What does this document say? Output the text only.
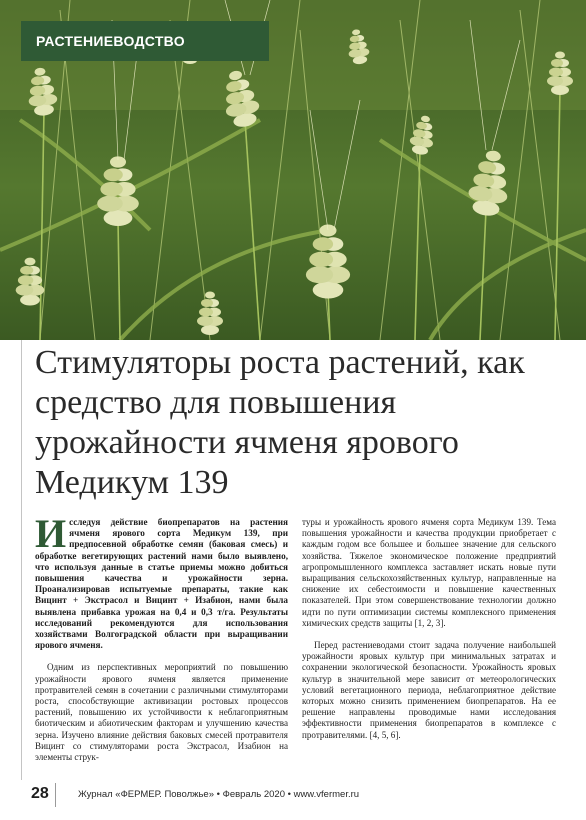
РАСТЕНИЕВОДСТВО
Стимуляторы роста растений, как средство для повышения урожайности ячменя ярового Медикум 139

Исследуя действие биопрепаратов на растения ячменя ярового сорта Медикум 139, при предпосевной обработке семян (баковая смесь) и обработке вегетирующих растений нами было выявлено, что используя данные в статье приемы можно добиться повышения качества и урожайности зерна. Проанализировав испытуемые препараты, такие как Вицинт + Экстрасол и Вицинт + Изабион, нами была выявлена прибавка урожая на 0,4 и 0,3 т/га. Результаты исследований рекомендуются для использования хозяйствами Волгоградской области при выращивании ярового ячменя.

Одним из перспективных мероприятий по повышению урожайности ярового ячменя является применение протравителей семян в сочетании с различными стимуляторами роста, способствующие активизации ростовых процессов растений, повышению их устойчивости к неблагоприятным биотическим и абиотическим факторам и улучшению качества зерна. Изучено влияние действия баковых смесей протравителя Вицинт со стимуляторами роста Экстрасол, Изабион на элементы струк-

туры и урожайность ярового ячменя сорта Медикум 139. Тема повышения урожайности и качества продукции приобретает с каждым годом все большее и большее значение для сельского хозяйства. Тяжелое экономическое положение предприятий агропромышленного комплекса заставляет искать новые пути выращивания сельскохозяйственных культур, направленные на снижение их себестоимости и повышение качественных показателей. При этом совершенствование технологии должно идти по пути оптимизации системы комплексного применения химических средств защиты [1, 2, 3].

Перед растениеводами стоит задача получение наибольшей урожайности яровых культур при минимальных затратах и сохранении экологической безопасности. Урожайность яровых культур в значительной мере зависит от метеорологических условий вегетационного периода, неблагоприятное действие которых можно снизить применением биопрепаратов. На ее решение направлены проводимые нами исследования эффективности применения биопрепаратов в комплексе с протравителями. [4, 5, 6].

28	Журнал «ФЕРМЕР. Поволжье» • Февраль 2020 • www.vfermer.ru
